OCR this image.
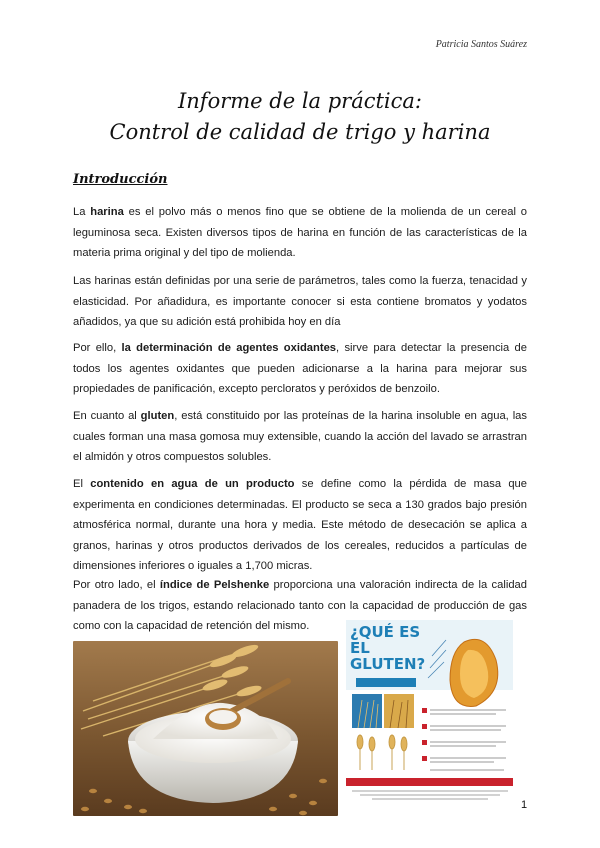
Patricia Santos Suárez
Informe de la práctica:
Control de calidad de trigo y harina
Introducción

La harina es el polvo más o menos fino que se obtiene de la molienda de un cereal o leguminosa seca. Existen diversos tipos de harina en función de las características de la materia prima original y del tipo de molienda.

Las harinas están definidas por una serie de parámetros, tales como la fuerza, tenacidad y elasticidad. Por añadidura, es importante conocer si esta contiene bromatos y yodatos añadidos, ya que su adición está prohibida hoy en día

Por ello, la determinación de agentes oxidantes, sirve para detectar la presencia de todos los agentes oxidantes que pueden adicionarse a la harina para mejorar sus propiedades de panificación, excepto percloratos y peróxidos de benzoilo.

En cuanto al gluten, está constituido por las proteínas de la harina insoluble en agua, las cuales forman una masa gomosa muy extensible, cuando la acción del lavado se arrastran el almidón y otros compuestos solubles.

El contenido en agua de un producto se define como la pérdida de masa que experimenta en condiciones determinadas. El producto se seca a 130 grados bajo presión atmosférica normal, durante una hora y media. Este método de desecación se aplica a granos, harinas y otros productos derivados de los cereales, reducidos a partículas de dimensiones inferiores o iguales a 1,700 micras.

Por otro lado, el índice de Pelshenke proporciona una valoración indirecta de la calidad panadera de los trigos, estando relacionado tanto con la capacidad de producción de gas como con la capacidad de retención del mismo.	¿QUÉ ES EL GLUTEN?
1
